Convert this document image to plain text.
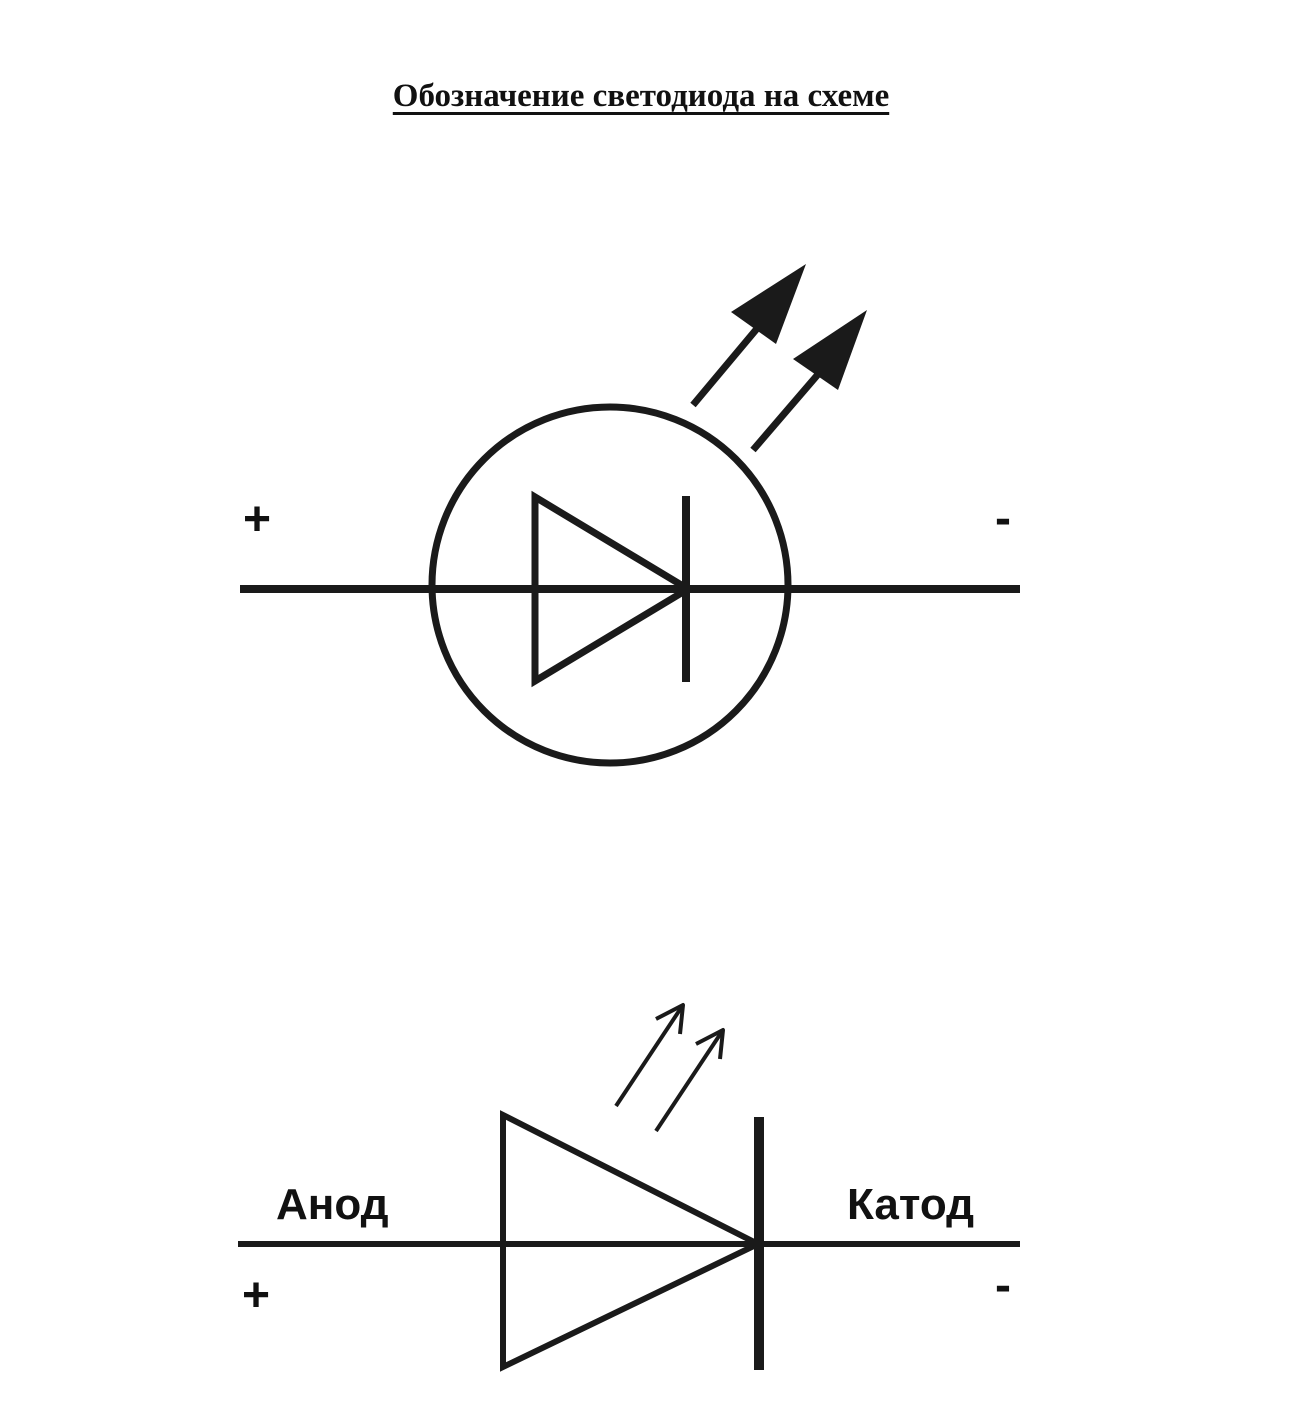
Обозначение светодиода на схеме
+	-
Анод	Катод
+	-
